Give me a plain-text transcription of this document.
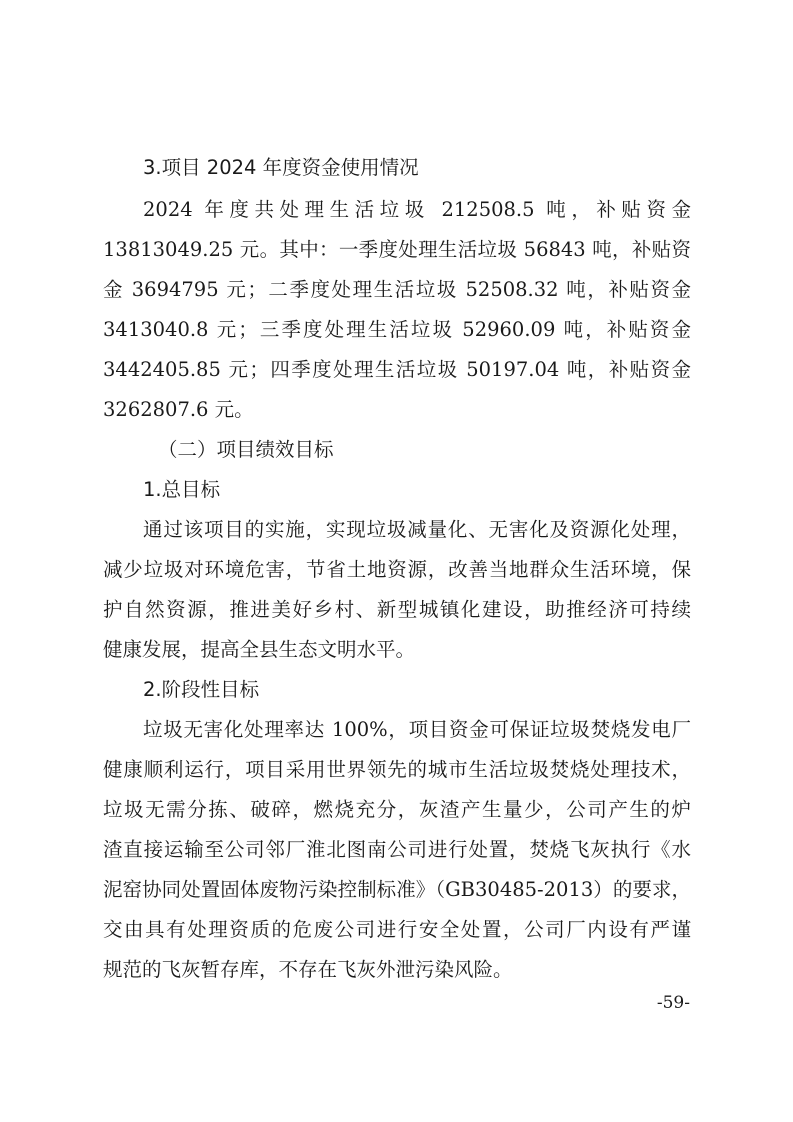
3.项目 2024 年度资金使用情况
2024 年度共处理生活垃圾 212508.5 吨，补贴资金
13813049.25 元。其中：一季度处理生活垃圾 56843 吨，补贴资
金 3694795 元；二季度处理生活垃圾 52508.32 吨，补贴资金
3413040.8 元；三季度处理生活垃圾 52960.09 吨，补贴资金
3442405.85 元；四季度处理生活垃圾 50197.04 吨，补贴资金
3262807.6 元。
（二）项目绩效目标
1.总目标
通过该项目的实施，实现垃圾减量化、无害化及资源化处理，
减少垃圾对环境危害，节省土地资源，改善当地群众生活环境，保
护自然资源，推进美好乡村、新型城镇化建设，助推经济可持续
健康发展，提高全县生态文明水平。
2.阶段性目标
垃圾无害化处理率达 100%，项目资金可保证垃圾焚烧发电厂
健康顺利运行，项目采用世界领先的城市生活垃圾焚烧处理技术，
垃圾无需分拣、破碎，燃烧充分，灰渣产生量少，公司产生的炉
渣直接运输至公司邻厂淮北图南公司进行处置，焚烧飞灰执行《水
泥窑协同处置固体废物污染控制标准》（GB30485-2013）的要求，
交由具有处理资质的危废公司进行安全处置，公司厂内设有严谨
规范的飞灰暂存库，不存在飞灰外泄污染风险。
-59-
